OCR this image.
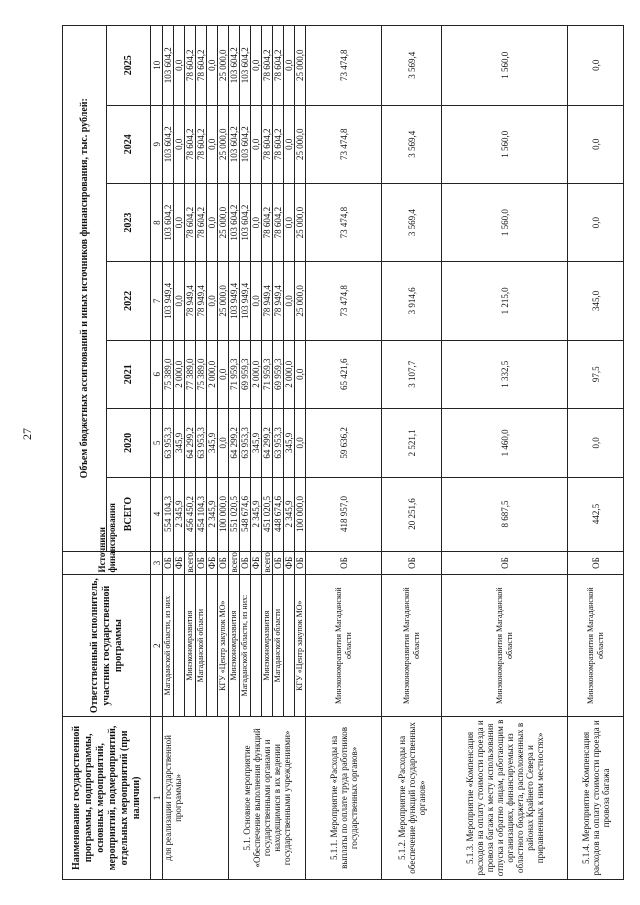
27
Наименование государственной программы, подпрограммы, основных мероприятий, мероприятий, подмероприятий, отдельных мероприятий (при наличии)	Ответственный исполнитель, участник государственной программы	Источники финансирования	Объем бюджетных ассигнований и иных источников финансирования, тыс. рублей:						
			ВСЕГО	2020	2021	2022	2023	2024	2025
1	2	3	4	5	6	7	8	9	10
для реализации государственной программы»	Магаданской области, из них	ОБ	554 104,3	63 953,3	75 389,0	103 949,4	103 604,2	103 604,2	103 604,2
		ФБ	2 345,9	345,9	2 000,0	0,0	0,0	0,0	0,0
	Минэкономразвития	всего	456 450,2	64 299,2	77 389,0	78 949,4	78 604,2	78 604,2	78 604,2
	Магаданской области	ОБ	454 104,3	63 953,3	75 389,0	78 949,4	78 604,2	78 604,2	78 604,2
		ФБ	2 345,9	345,9	2 000,0	0,0	0,0	0,0	0,0
	КГУ «Центр закупок МО»	ОБ	100 000,0	0,0	0,0	25 000,0	25 000,0	25 000,0	25 000,0
5.1. Основное мероприятие «Обеспечение выполнения функций государственными органами и находящимися в их ведении государственными учреждениями»	Минэкономразвития	всего	551 020,5	64 299,2	71 959,3	103 949,4	103 604,2	103 604,2	103 604,2
	Магаданской области, из них:	ОБ	548 674,6	63 953,3	69 959,3	103 949,4	103 604,2	103 604,2	103 604,2
		ФБ	2 345,9	345,9	2 000,0	0,0	0,0	0,0	0,0
	Минэкономразвития	всего	451 020,5	64 299,2	71 959,3	78 949,4	78 604,2	78 604,2	78 604,2
	Магаданской области	ОБ	448 674,6	63 953,3	69 959,3	78 949,4	78 604,2	78 604,2	78 604,2
		ФБ	2 345,9	345,9	2 000,0	0,0	0,0	0,0	0,0
	КГУ «Центр закупок МО»	ОБ	100 000,0	0,0	0,0	25 000,0	25 000,0	25 000,0	25 000,0
5.1.1. Мероприятие «Расходы на выплаты по оплате труда работников государственных органов»	Минэкономразвития Магаданской области	ОБ	418 957,0	59 636,2	65 421,6	73 474,8	73 474,8	73 474,8	73 474,8
5.1.2. Мероприятие «Расходы на обеспечение функций государственных органов»	Минэкономразвития Магаданской области	ОБ	20 251,6	2 521,1	3 107,7	3 914,6	3 569,4	3 569,4	3 569,4
5.1.3. Мероприятие «Компенсация расходов на оплату стоимости проезда и провоза багажа к месту использования отпуска и обратно лицам, работающим в организациях, финансируемых из областного бюджета, расположенных в районах Крайнего Севера и приравненных к ним местностях»	Минэкономразвития Магаданской области	ОБ	8 687,5	1 460,0	1 332,5	1 215,0	1 560,0	1 560,0	1 560,0
5.1.4. Мероприятие «Компенсация расходов на оплату стоимости проезда и провоза багажа	Минэкономразвития Магаданской области	ОБ	442,5	0,0	97,5	345,0	0,0	0,0	0,0
